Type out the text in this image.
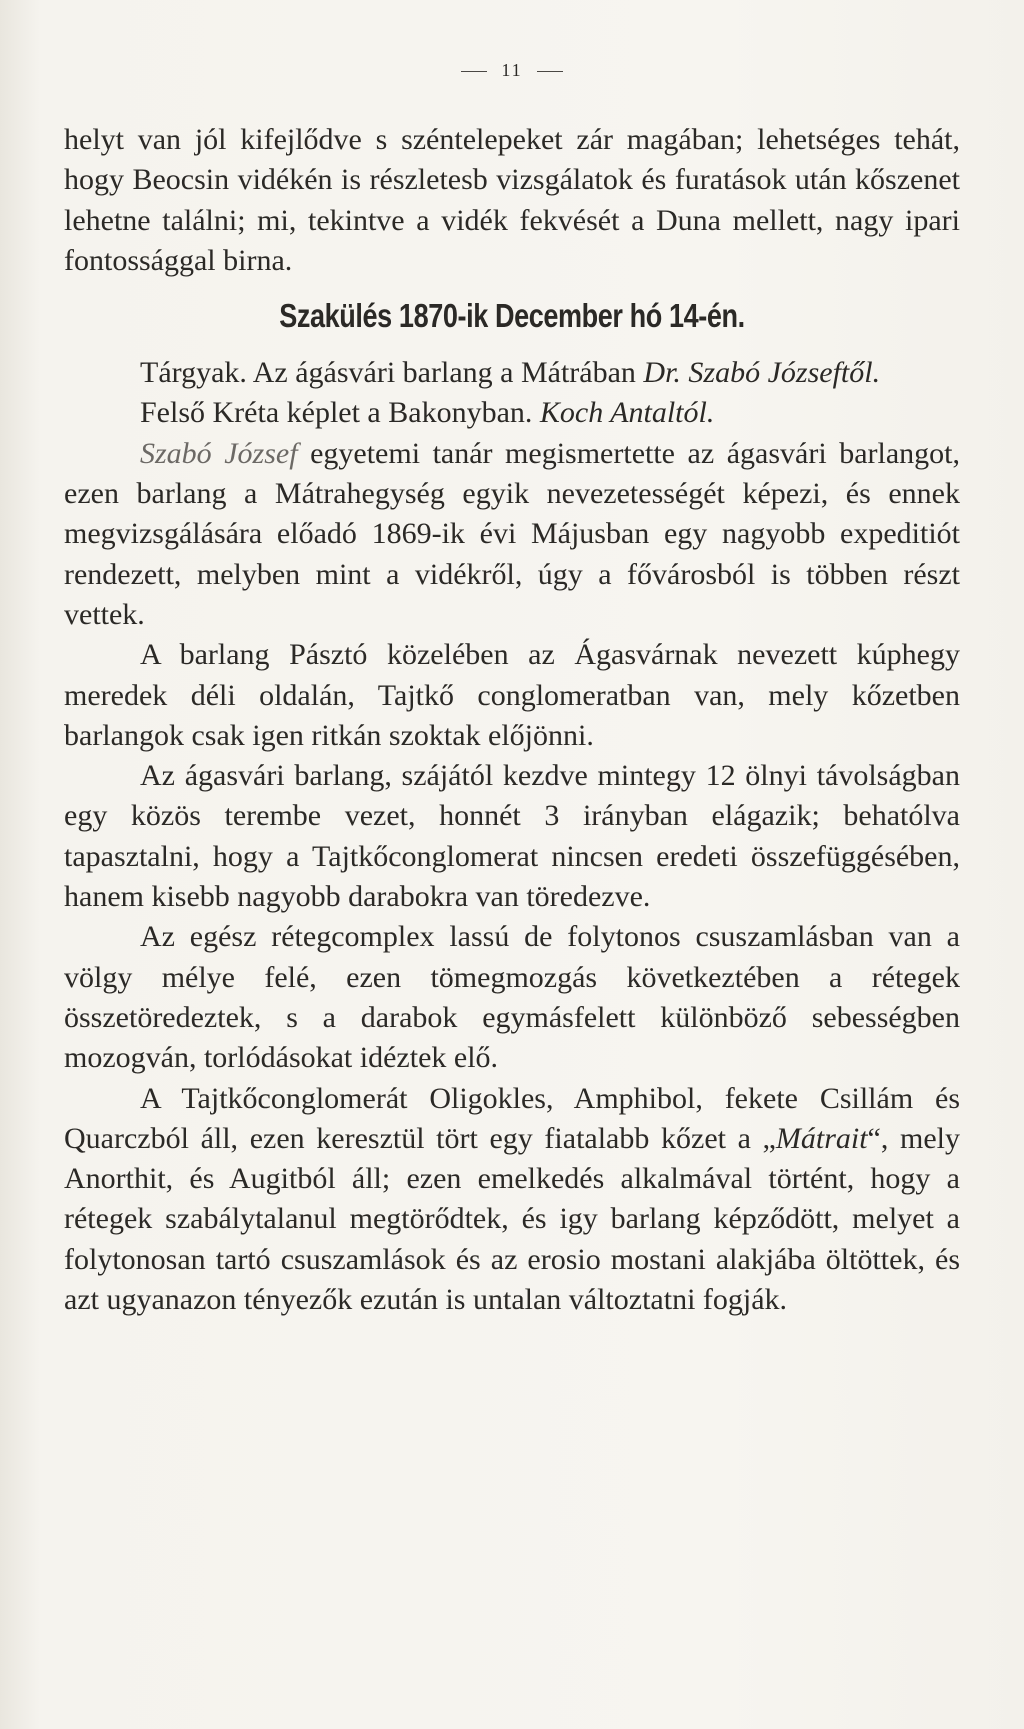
11

helyt van jól kifejlődve s széntelepeket zár magában; lehetséges tehát, hogy Beocsin vidékén is részletesb vizsgálatok és furatások után kőszenet lehetne találni; mi, tekintve a vidék fekvését a Duna mellett, nagy ipari fontossággal birna.

Szakülés 1870-ik December hó 14-én.

Tárgyak. Az ágásvári barlang a Mátrában Dr. Szabó Józseftől.

Felső Kréta képlet a Bakonyban. Koch Antaltól.

Szabó József egyetemi tanár megismertette az ágasvári barlangot, ezen barlang a Mátrahegység egyik nevezetességét képezi, és ennek megvizsgálására előadó 1869-ik évi Májusban egy nagyobb expeditiót rendezett, melyben mint a vidékről, úgy a fővárosból is többen részt vettek.

A barlang Pásztó közelében az Ágasvárnak nevezett kúphegy meredek déli oldalán, Tajtkő conglomeratban van, mely kőzetben barlangok csak igen ritkán szoktak előjönni.

Az ágasvári barlang, szájától kezdve mintegy 12 ölnyi távolságban egy közös terembe vezet, honnét 3 irányban elágazik; behatólva tapasztalni, hogy a Tajtkőconglomerat nincsen eredeti összefüggésében, hanem kisebb nagyobb darabokra van töredezve.

Az egész rétegcomplex lassú de folytonos csuszamlásban van a völgy mélye felé, ezen tömegmozgás következtében a rétegek összetöredeztek, s a darabok egymásfelett különböző sebességben mozogván, torlódásokat idéztek elő.

A Tajtkőconglomerát Oligokles, Amphibol, fekete Csillám és Quarczból áll, ezen keresztül tört egy fiatalabb kőzet a „Mátrait“, mely Anorthit, és Augitból áll; ezen emelkedés alkalmával történt, hogy a rétegek szabálytalanul megtörődtek, és igy barlang képződött, melyet a folytonosan tartó csuszamlások és az erosio mostani alakjába öltöttek, és azt ugyanazon tényezők ezután is untalan változtatni fogják.
